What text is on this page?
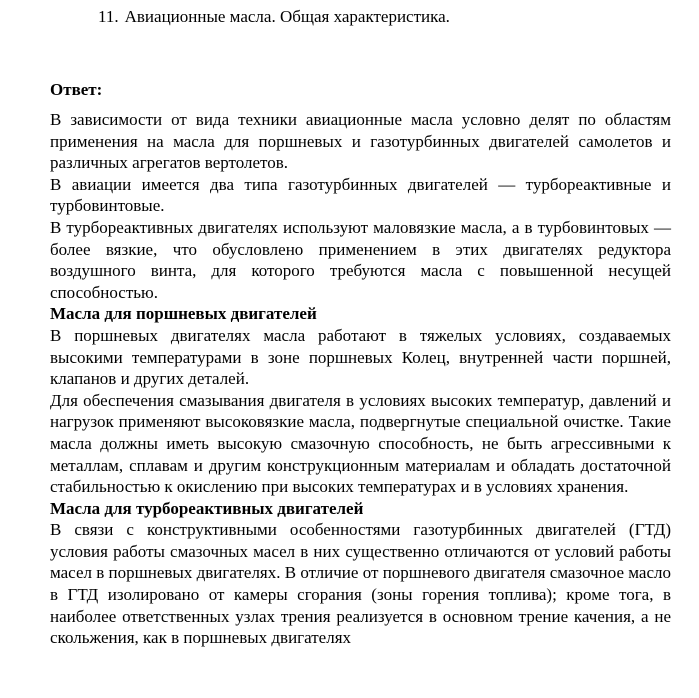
11. Авиационные масла. Общая характеристика.
Ответ:

В зависимости от вида техники авиационные масла условно делят по областям применения на масла для поршневых и газотурбинных двигателей самолетов и различных агрегатов вертолетов.

В авиации имеется два типа газотурбинных двигателей — турбореактивные и турбовинтовые.

В турбореактивных двигателях используют маловязкие масла, а в турбовинтовых — более вязкие, что обусловлено применением в этих двигателях редуктора воздушного винта, для которого требуются масла с повышенной несущей способностью.

Масла для поршневых двигателей

В поршневых двигателях масла работают в тяжелых условиях, создаваемых высокими температурами в зоне поршневых Колец, внутренней части поршней, клапанов и других деталей.

Для обеспечения смазывания двигателя в условиях высоких температур, давлений и нагрузок применяют высоковязкие масла, подвергнутые специальной очистке. Такие масла должны иметь высокую смазочную способность, не быть агрессивными к металлам, сплавам и другим конструкционным материалам и обладать достаточной стабильностью к окислению при высоких температурах и в условиях хранения.

Масла для турбореактивных двигателей

В связи с конструктивными особенностями газотурбинных двигателей (ГТД) условия работы смазочных масел в них существенно отличаются от условий работы масел в поршневых двигателях. В отличие от поршневого двигателя смазочное масло в ГТД изолировано от камеры сгорания (зоны горения топлива); кроме тога, в наиболее ответственных узлах трения реализуется в основном трение качения, а не скольжения, как в поршневых двигателях
